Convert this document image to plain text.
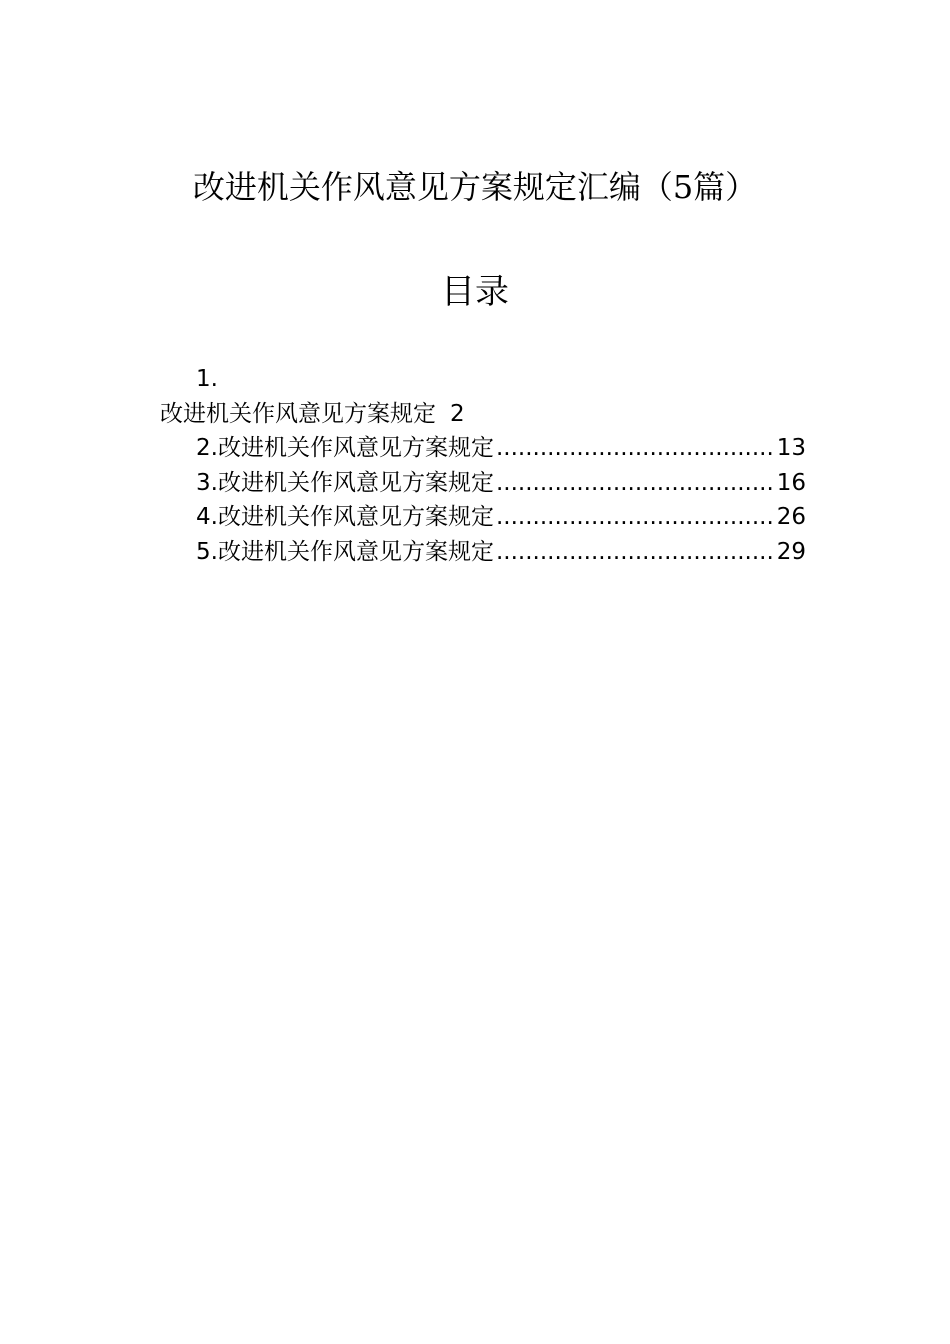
改进机关作风意见方案规定汇编（5篇）
目录
1.
改进机关作风意见方案规定 2
2.改进机关作风意见方案规定 .....	13
3.改进机关作风意见方案规定 .....	16
4.改进机关作风意见方案规定 .....	26
5.改进机关作风意见方案规定 .....	29
